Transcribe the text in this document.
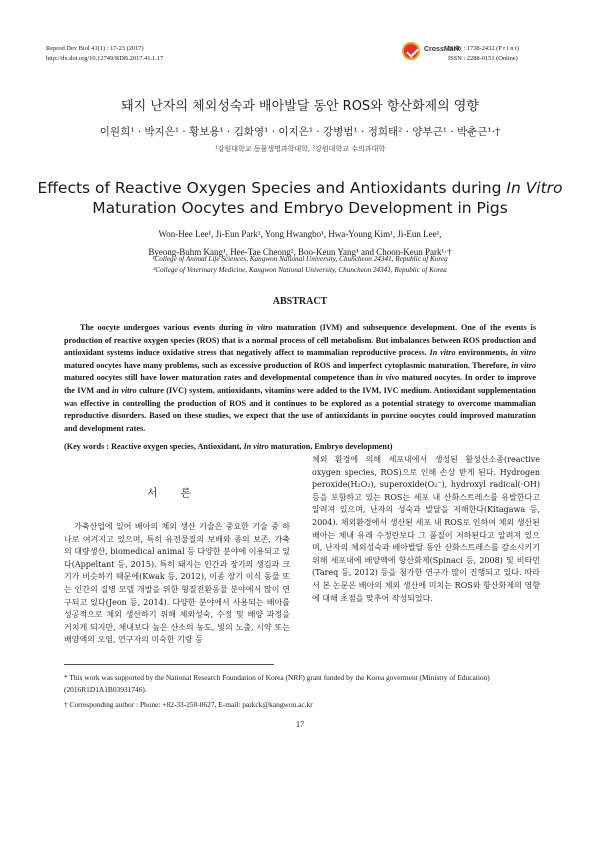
Reprod Dev Biol 41(1) : 17-23 (2017)
http://dx.doi.org/10.12749/RDB.2017.41.1.17
CrossMark
ISSN : 1738-2432 (P r i n t)
ISSN : 2288-0151 (Online)
돼지 난자의 체외성숙과 배아발달 동안 ROS와 항산화제의 영향
이원희¹ · 박지은¹ · 황보용¹ · 김화영¹ · 이지은¹ · 강병범¹ · 정희태² · 양부근¹ · 박춘근¹·†
¹강원대학교 동물생명과학대학, ²강원대학교 수의과대학
Effects of Reactive Oxygen Species and Antioxidants during In Vitro
Maturation Oocytes and Embryo Development in Pigs
Won-Hee Lee¹, Ji-Eun Park¹, Yong Hwangbo¹, Hwa-Young Kim¹, Ji-Eun Lee¹,
Byeong-Buhm Kang¹, Hee-Tae Cheong², Boo-Keun Yang¹ and Choon-Keun Park¹·†
¹College of Animal Life Sciences, Kangwon National University, Chuncheon 24341, Republic of Korea
²College of Veterinary Medicine, Kangwon National University, Chuncheon 24341, Republic of Korea
ABSTRACT
The oocyte undergoes various events during in vitro maturation (IVM) and subsequence development. One of the events is production of reactive oxygen species (ROS) that is a normal process of cell metabolism. But imbalances between ROS production and antioxidant systems induce oxidative stress that negatively affect to mammalian reproductive process. In vitro environments, in vitro matured oocytes have many problems, such as excessive production of ROS and imperfect cytoplasmic maturation. Therefore, in vitro matured oocytes still have lower maturation rates and developmental competence than in vivo matured oocytes. In order to improve the IVM and in vitro culture (IVC) system, antioxidants, vitamins were added to the IVM, IVC medium. Antioxidant supplementation was effective in controlling the production of ROS and it continues to be explored as a potential strategy to overcome mammalian reproductive disorders. Based on these studies, we expect that the use of antioxidants in porcine oocytes could improved maturation and development rates.
(Key words : Reactive oxygen species, Antioxidant, In vitro maturation, Embryo development)
서 론
가축산업에 있어 배아의 체외 생산 기술은 중요한 기술 중 하나로 여겨지고 있으며, 특히 유전물질의 보배와 종의 보존, 가축의 대량생산, biomedical animal 등 다양한 분야에 이용되고 있다(Appeltant 등, 2015). 특히 돼지는 인간과 장기의 생김과 크기가 비슷하기 때문에(Kwak 등, 2012), 이종 장기 이식 동물 또는 인간의 질병 모델 개발을 위한 형질전환동물 분야에서 많이 연구되고 있다(Jeon 등, 2014). 다양한 분야에서 사용되는 배아를 성공적으로 체외 생산하기 위해 체외성숙, 수정 및 배양 과정을 거치게 되지만, 체내보다 높은 산소의 농도, 빛의 노출, 시약 또는 배양액의 오염, 연구자의 미숙한 기량 등
체외 환경에 의해 세포내에서 생성된 활성산소종(reactive oxygen species, ROS)으로 인해 손상 받게 된다. Hydrogen peroxide(H₂O₂), superoxide(O₂⁻), hydroxyl radical(·OH) 등을 포함하고 있는 ROS는 세포 내 산화스트레스를 유발한다고 알려져 있으며, 난자의 성숙과 발달을 저해한다(Kitagawa 등, 2004). 체외환경에서 생산된 세포 내 ROS로 인하여 체외 생산된 배아는 체내 유래 수정란보다 그 품질이 저하된다고 알려져 있으며, 난자의 체외성숙과 배아발달 동안 산화스트레스를 감소시키기 위해 세포내에 배양액에 항산화제(Spinaci 등, 2008) 및 비타민(Tareq 등, 2012) 등을 첨가한 연구가 많이 진행되고 있다. 따라서 본 논문은 배아의 체외 생산에 미치는 ROS와 항산화제의 영향에 대해 초점을 맞추어 작성되었다.
* This work was supported by the National Research Foundation of Korea (NRF) grant funded by the Korea goverment (Ministry of Education)(2016R1D1A1B03931746).
† Corresponding author : Phone: +82-33-250-8627, E-mail: parkck@kangwon.ac.kr
17
